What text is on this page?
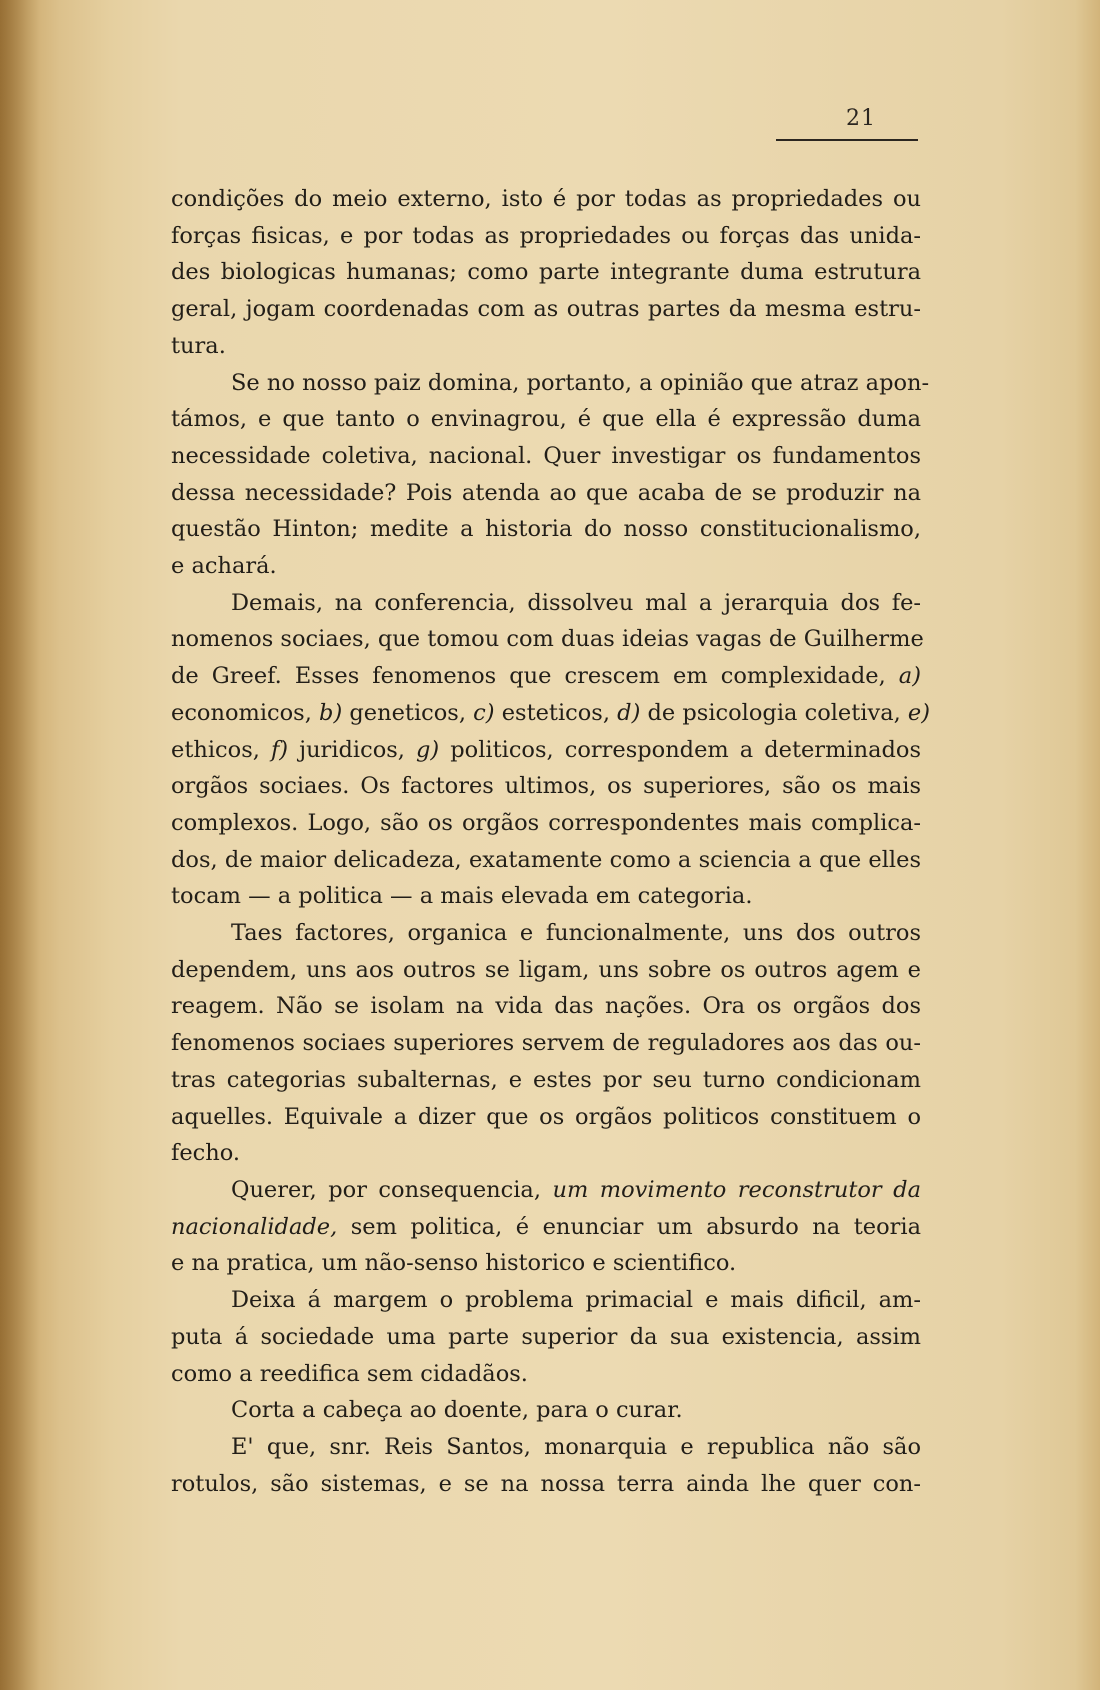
21
condições do meio externo, isto é por todas as propriedades ou
forças fisicas, e por todas as propriedades ou forças das unida-
des biologicas humanas; como parte integrante duma estrutura
geral, jogam coordenadas com as outras partes da mesma estru-
tura.
Se no nosso paiz domina, portanto, a opinião que atraz apon-
támos, e que tanto o envinagrou, é que ella é expressão duma
necessidade coletiva, nacional. Quer investigar os fundamentos
dessa necessidade? Pois atenda ao que acaba de se produzir na
questão Hinton; medite a historia do nosso constitucionalismo,
e achará.
Demais, na conferencia, dissolveu mal a jerarquia dos fe-
nomenos sociaes, que tomou com duas ideias vagas de Guilherme
de Greef. Esses fenomenos que crescem em complexidade, a)
economicos, b) geneticos, c) esteticos, d) de psicologia coletiva, e)
ethicos, f) juridicos, g) politicos, correspondem a determinados
orgãos sociaes. Os factores ultimos, os superiores, são os mais
complexos. Logo, são os orgãos correspondentes mais complica-
dos, de maior delicadeza, exatamente como a sciencia a que elles
tocam — a politica — a mais elevada em categoria.
Taes factores, organica e funcionalmente, uns dos outros
dependem, uns aos outros se ligam, uns sobre os outros agem e
reagem. Não se isolam na vida das nações. Ora os orgãos dos
fenomenos sociaes superiores servem de reguladores aos das ou-
tras categorias subalternas, e estes por seu turno condicionam
aquelles. Equivale a dizer que os orgãos politicos constituem o
fecho.
Querer, por consequencia, um movimento reconstrutor da
nacionalidade, sem politica, é enunciar um absurdo na teoria
e na pratica, um não-senso historico e scientifico.
Deixa á margem o problema primacial e mais dificil, am-
puta á sociedade uma parte superior da sua existencia, assim
como a reedifica sem cidadãos.
Corta a cabeça ao doente, para o curar.
E' que, snr. Reis Santos, monarquia e republica não são
rotulos, são sistemas, e se na nossa terra ainda lhe quer con-
